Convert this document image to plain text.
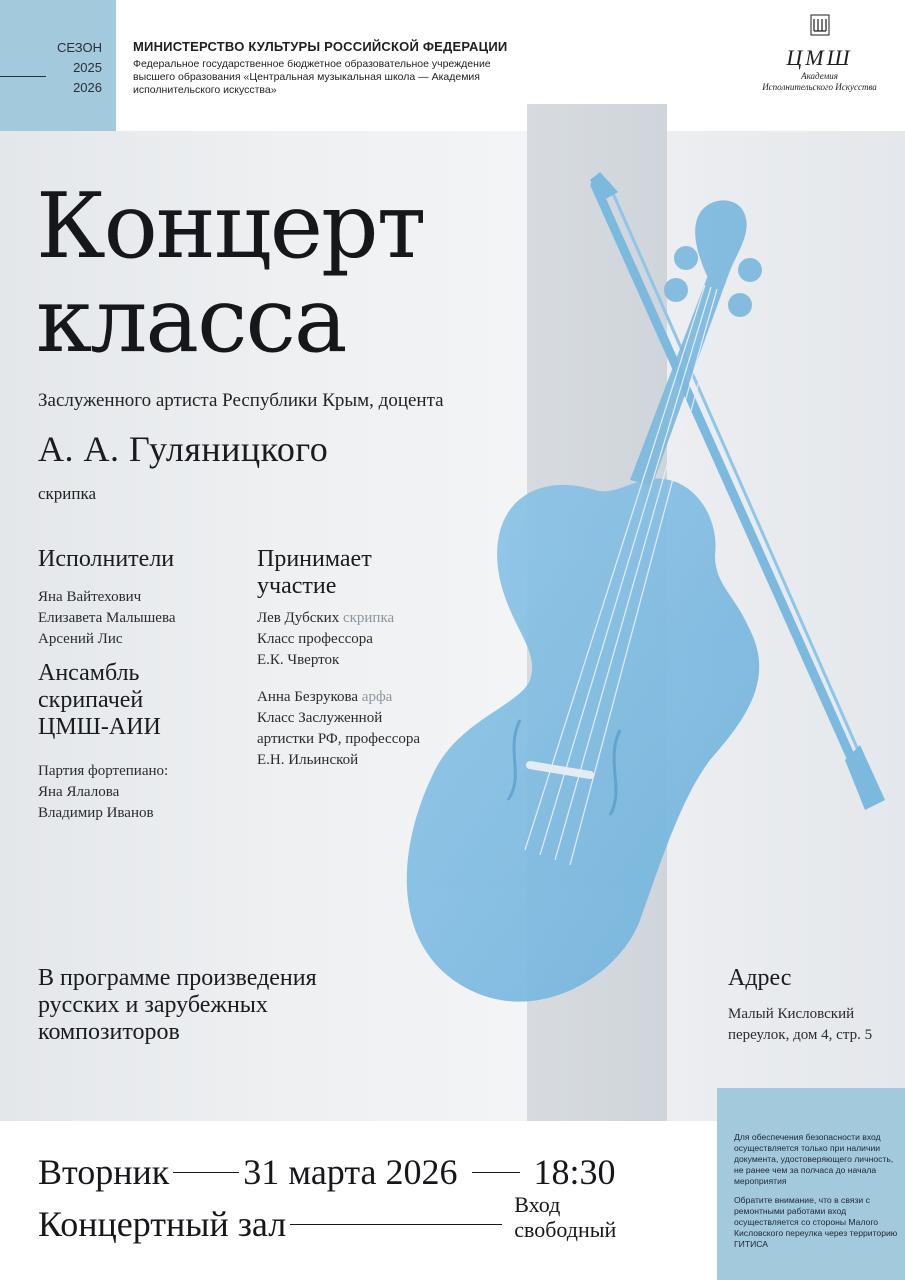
СЕЗОН
2025
2026
МИНИСТЕРСТВО КУЛЬТУРЫ РОССИЙСКОЙ ФЕДЕРАЦИИ
Федеральное государственное бюджетное образовательное учреждение
высшего образования «Центральная музыкальная школа — Академия
исполнительского искусства»
ЦМШ
Академия
Исполнительского Искусства
Концерт
класса
Заслуженного артиста Республики Крым, доцента
А. А. Гуляницкого
скрипка
Исполнители
Яна Вайтехович
Елизавета Малышева
Арсений Лис
Ансамбль
скрипачей
ЦМШ-АИИ
Партия фортепиано:
Яна Ялалова
Владимир Иванов
Принимает
участие
Лев Дубских скрипка
Класс профессора
Е.К. Чверток
Анна Безрукова арфа
Класс Заслуженной
артистки РФ, профессора
Е.Н. Ильинской
В программе произведения
русских и зарубежных
композиторов
Адрес
Малый Кисловский
переулок, дом 4, стр. 5

Для обеспечения безопасности вход осуществляется только при наличии документа, удостоверяющего личность, не ранее чем за полчаса до начала мероприятия

Обратите внимание, что в связи с ремонтными работами вход осуществляется со стороны Малого Кисловского переулка через территорию ГИТИСА

Вторник 31 марта 2026 18:30
Концертный зал	Вход
свободный
